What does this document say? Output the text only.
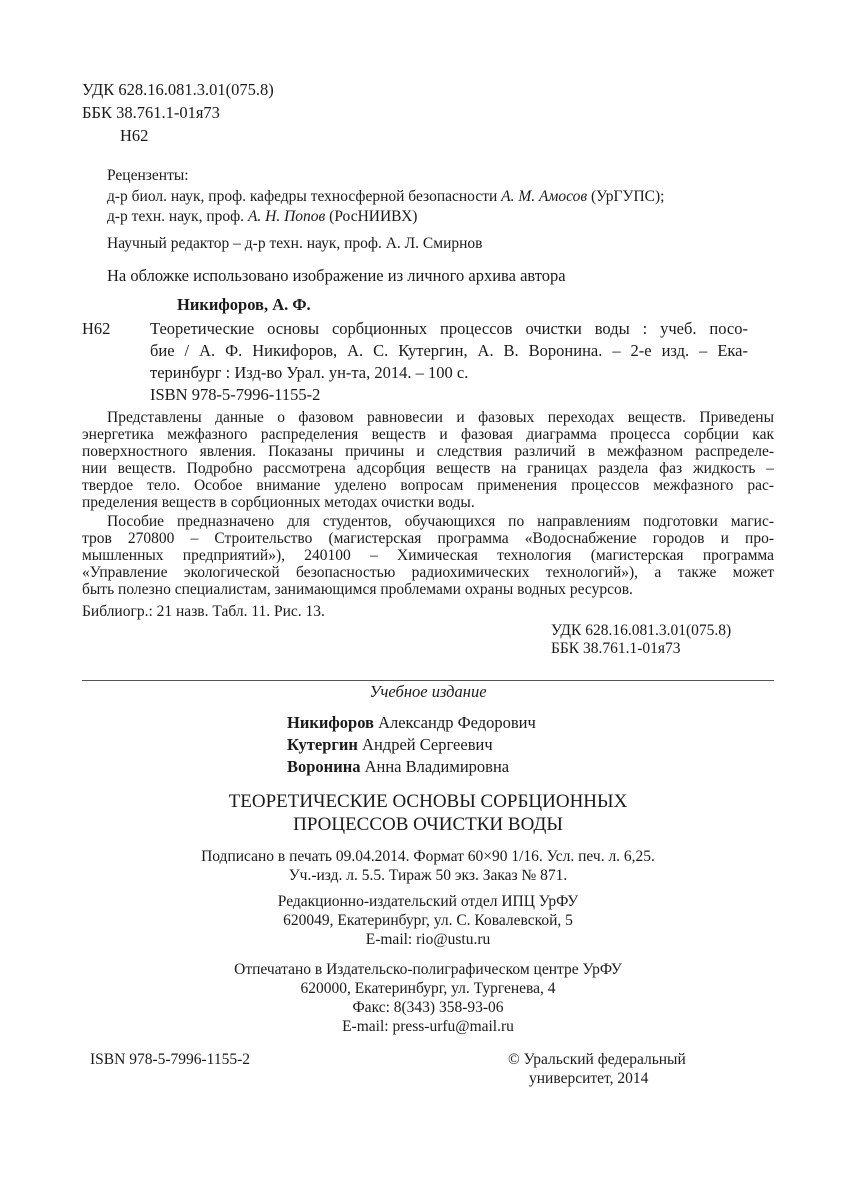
УДК 628.16.081.3.01(075.8)
ББК 38.761.1-01я73
Н62
Рецензенты:
д-р биол. наук, проф. кафедры техносферной безопасности А. М. Амосов (УрГУПС);
д-р техн. наук, проф. А. Н. Попов (РосНИИВХ)
Научный редактор – д-р техн. наук, проф. А. Л. Смирнов
На обложке использовано изображение из личного архива автора
Никифоров, А. Ф.
Н62 Теоретические основы сорбционных процессов очистки воды : учеб. посо-
бие / А. Ф. Никифоров, А. С. Кутергин, А. В. Воронина. – 2-е изд. – Ека-
теринбург : Изд-во Урал. ун-та, 2014. – 100 с.
ISBN 978-5-7996-1155-2
Представлены данные о фазовом равновесии и фазовых переходах веществ. Приведены
энергетика межфазного распределения веществ и фазовая диаграмма процесса сорбции как
поверхностного явления. Показаны причины и следствия различий в межфазном распределе-
нии веществ. Подробно рассмотрена адсорбция веществ на границах раздела фаз жидкость –
твердое тело. Особое внимание уделено вопросам применения процессов межфазного рас-
пределения веществ в сорбционных методах очистки воды.
Пособие предназначено для студентов, обучающихся по направлениям подготовки магис-
тров 270800 – Строительство (магистерская программа «Водоснабжение городов и про-
мышленных предприятий»), 240100 – Химическая технология (магистерская программа
«Управление экологической безопасностью радиохимических технологий»), а также может
быть полезно специалистам, занимающимся проблемами охраны водных ресурсов.
Библиогр.: 21 назв. Табл. 11. Рис. 13.
УДК 628.16.081.3.01(075.8)
ББК 38.761.1-01я73
Учебное издание
Никифоров Александр Федорович
Кутергин Андрей Сергеевич
Воронина Анна Владимировна
ТЕОРЕТИЧЕСКИЕ ОСНОВЫ СОРБЦИОННЫХ
ПРОЦЕССОВ ОЧИСТКИ ВОДЫ
Подписано в печать 09.04.2014. Формат 60×90 1/16. Усл. печ. л. 6,25.
Уч.-изд. л. 5.5. Тираж 50 экз. Заказ № 871.
Редакционно-издательский отдел ИПЦ УрФУ
620049, Екатеринбург, ул. С. Ковалевской, 5
E-mail: rio@ustu.ru
Отпечатано в Издательско-полиграфическом центре УрФУ
620000, Екатеринбург, ул. Тургенева, 4
Факс: 8(343) 358-93-06
E-mail: press-urfu@mail.ru
ISBN 978-5-7996-1155-2	© Уральский федеральный
университет, 2014
